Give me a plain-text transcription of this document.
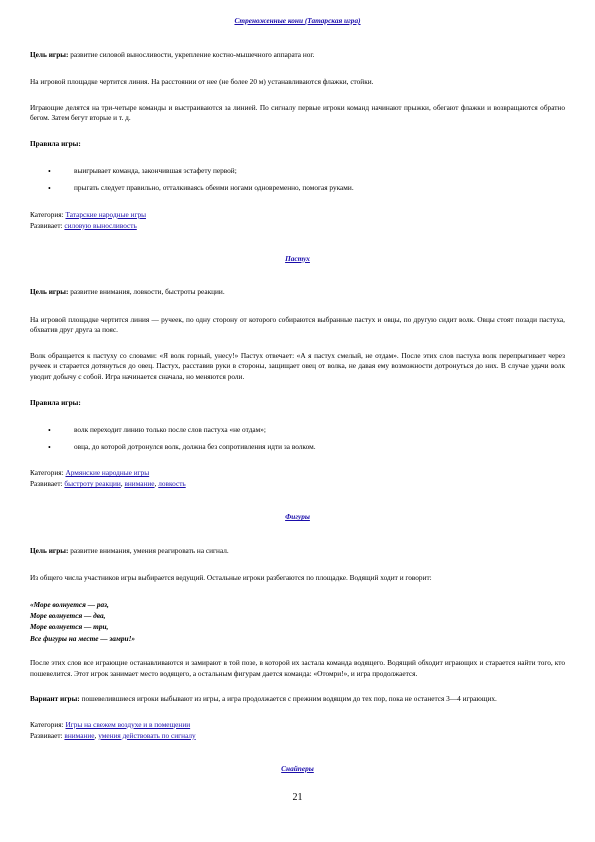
Стреноженные кони (Татарская игра)

Цель игры: развитие силовой выносливости, укрепление костно-мышечного аппарата ног.

На игровой площадке чертится линия. На расстоянии от нее (не более 20 м) устанавливаются флажки, стойки.

Играющие делятся на три-четыре команды и выстраиваются за линией. По сигналу первые игроки команд начинают прыжки, обегают флажки и возвращаются обратно бегом. Затем бегут вторые и т. д.

Правила игры:

• выигрывает команда, закончившая эстафету первой;
• прыгать следует правильно, отталкиваясь обеими ногами одновременно, помогая руками.
Категория: Татарские народные игры
Развивает: силовую выносливость
Пастух

Цель игры: развитие внимания, ловкости, быстроты реакции.

На игровой площадке чертится линия — ручеек, по одну сторону от которого собираются выбранные пастух и овцы, по другую сидит волк. Овцы стоят позади пастуха, обхватив друг друга за пояс.

Волк обращается к пастуху со словами: «Я волк горный, унесу!» Пастух отвечает: «А я пастух смелый, не отдам». После этих слов пастуха волк перепрыгивает через ручеек и старается дотянуться до овец. Пастух, расставив руки в стороны, защищает овец от волка, не давая ему возможности дотронуться до них. В случае удачи волк уводит добычу с собой. Игра начинается сначала, но меняются роли.

Правила игры:

• волк переходит линию только после слов пастуха «не отдам»;
• овца, до которой дотронулся волк, должна без сопротивления идти за волком.
Категория: Армянские народные игры
Развивает: быстроту реакции, внимание, ловкость
Фигуры

Цель игры: развитие внимания, умения реагировать на сигнал.

Из общего числа участников игры выбирается ведущий. Остальные игроки разбегаются по площадке. Водящий ходит и говорит:

«Море волнуется — раз,
Море волнуется — два,
Море волнуется — три,
Все фигуры на месте — замри!»

После этих слов все играющие останавливаются и замирают в той позе, в которой их застала команда водящего. Водящий обходит играющих и старается найти того, кто пошевелится. Этот игрок занимает место водящего, а остальным фигурам дается команда: «Отомри!», и игра продолжается.

Вариант игры: пошевелившиеся игроки выбывают из игры, а игра продолжается с прежним водящим до тех пор, пока не останется 3—4 играющих.

Категория: Игры на свежем воздухе и в помещении
Развивает: внимание, умения действовать по сигналу
Снайперы
21
